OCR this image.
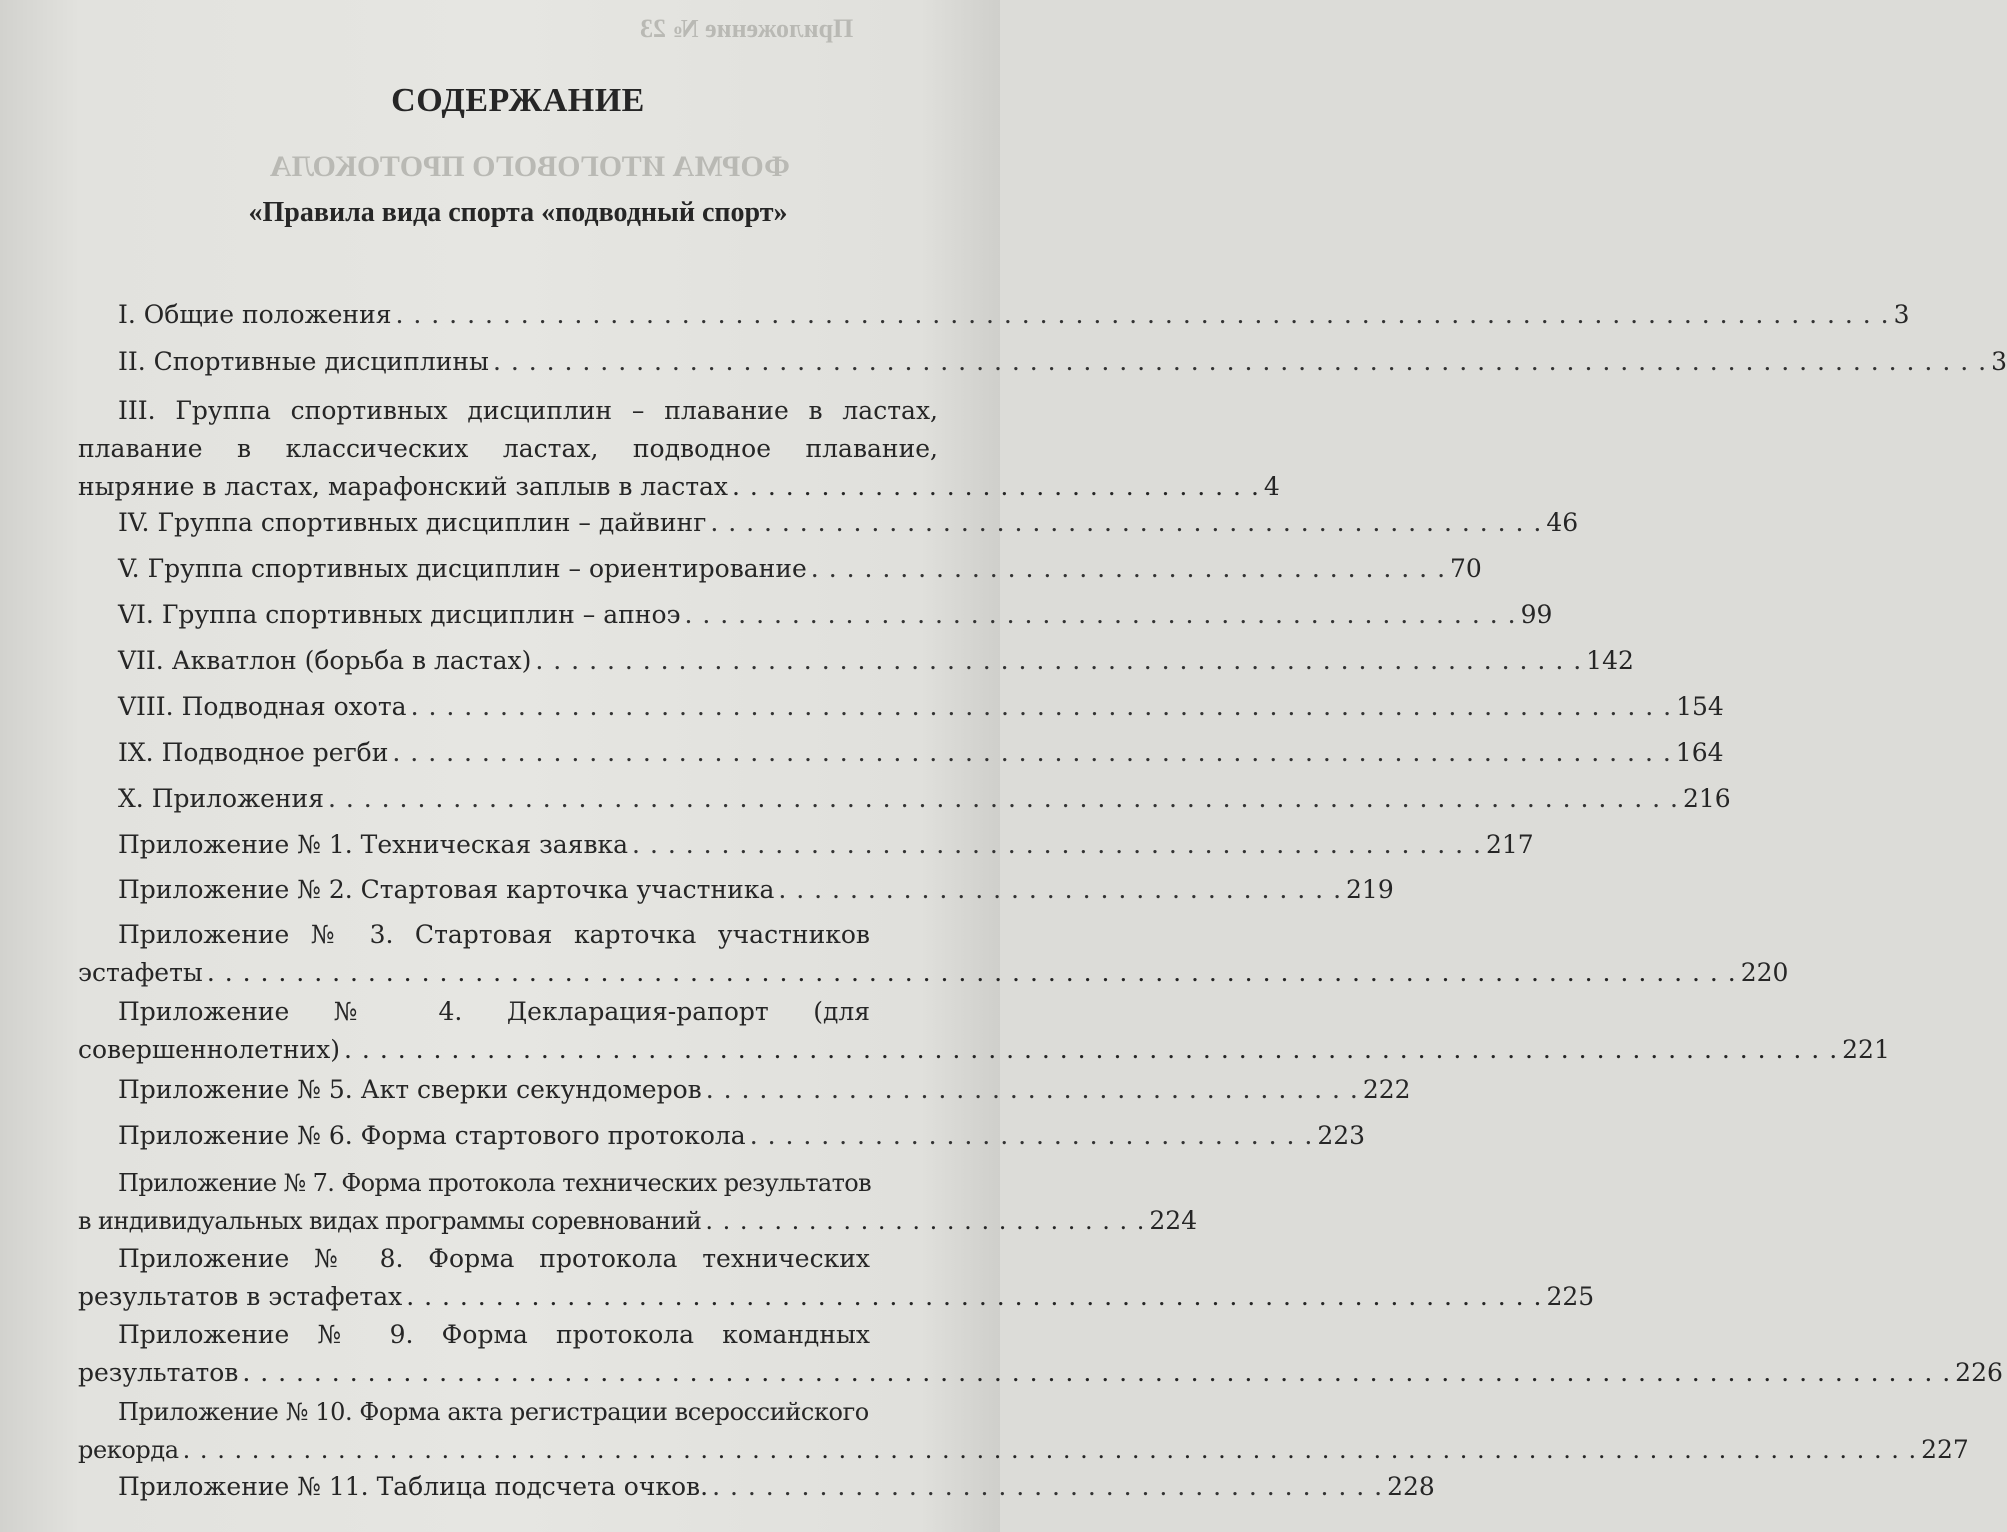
Приложение № 23
ФОРМА ИТОГОВОГО ПРОТОКОЛА
СОДЕРЖАНИЕ
«Правила вида спорта «подводный спорт»
I. Общие положения . . . . . . . . . . . . . . . . . . . . . . . . . . . . . . . . . . . . . . . . . . . . . . . . . . . . . . . . . . . . . . . . . . . . . . . . . . . . . . . . . . . . 3
II. Спортивные дисциплины . . . . . . . . . . . . . . . . . . . . . . . . . . . . . . . . . . . . . . . . . . . . . . . . . . . . . . . . . . . . . . . . . . . . . . . . . . . . . . . . . . . . 3
III. Группа спортивных дисциплин – плавание в ластах,
плавание в классических ластах, подводное плавание,
ныряние в ластах, марафонский заплыв в ластах . . . . . . . . . . . . . . . . . . . . . . . . . . . . . . 4
IV. Группа спортивных дисциплин – дайвинг . . . . . . . . . . . . . . . . . . . . . . . . . . . . . . . . . . . . . . . . . . . . . . . 46
V. Группа спортивных дисциплин – ориентирование . . . . . . . . . . . . . . . . . . . . . . . . . . . . . . . . . . . . 70
VI. Группа спортивных дисциплин – апноэ . . . . . . . . . . . . . . . . . . . . . . . . . . . . . . . . . . . . . . . . . . . . . . . 99
VII. Акватлон (борьба в ластах) . . . . . . . . . . . . . . . . . . . . . . . . . . . . . . . . . . . . . . . . . . . . . . . . . . . . . . . . . . . 142
VIII. Подводная охота . . . . . . . . . . . . . . . . . . . . . . . . . . . . . . . . . . . . . . . . . . . . . . . . . . . . . . . . . . . . . . . . . . . . . . . 154
IX. Подводное регби . . . . . . . . . . . . . . . . . . . . . . . . . . . . . . . . . . . . . . . . . . . . . . . . . . . . . . . . . . . . . . . . . . . . . . . . 164
X. Приложения . . . . . . . . . . . . . . . . . . . . . . . . . . . . . . . . . . . . . . . . . . . . . . . . . . . . . . . . . . . . . . . . . . . . . . . . . . . . 216
Приложение № 1. Техническая заявка . . . . . . . . . . . . . . . . . . . . . . . . . . . . . . . . . . . . . . . . . . . . . . . . 217
Приложение № 2. Стартовая карточка участника . . . . . . . . . . . . . . . . . . . . . . . . . . . . . . . . 219
Приложение № 3. Стартовая карточка участников
эстафеты . . . . . . . . . . . . . . . . . . . . . . . . . . . . . . . . . . . . . . . . . . . . . . . . . . . . . . . . . . . . . . . . . . . . . . . . . . . . . . . . . . . . . . 220
Приложение № 4. Декларация-рапорт (для
совершеннолетних) . . . . . . . . . . . . . . . . . . . . . . . . . . . . . . . . . . . . . . . . . . . . . . . . . . . . . . . . . . . . . . . . . . . . . . . . . . . . . . . . . . . . 221
Приложение № 5. Акт сверки секундомеров . . . . . . . . . . . . . . . . . . . . . . . . . . . . . . . . . . . . . 222
Приложение № 6. Форма стартового протокола . . . . . . . . . . . . . . . . . . . . . . . . . . . . . . . . 223
Приложение № 7. Форма протокола технических результатов
в индивидуальных видах программы соревнований . . . . . . . . . . . . . . . . . . . . . . . . . . 224
Приложение № 8. Форма протокола технических
результатов в эстафетах . . . . . . . . . . . . . . . . . . . . . . . . . . . . . . . . . . . . . . . . . . . . . . . . . . . . . . . . . . . . . . . . 225
Приложение № 9. Форма протокола командных
результатов . . . . . . . . . . . . . . . . . . . . . . . . . . . . . . . . . . . . . . . . . . . . . . . . . . . . . . . . . . . . . . . . . . . . . . . . . . . . . . . . . . . . . . . . . . . . . . . . 226
Приложение № 10. Форма акта регистрации всероссийского
рекорда . . . . . . . . . . . . . . . . . . . . . . . . . . . . . . . . . . . . . . . . . . . . . . . . . . . . . . . . . . . . . . . . . . . . . . . . . . . . . . . . . . . . . . . . . . . . . . . . . . . . . 227
Приложение № 11. Таблица подсчета очков. . . . . . . . . . . . . . . . . . . . . . . . . . . . . . . . . . . . . . . 228
